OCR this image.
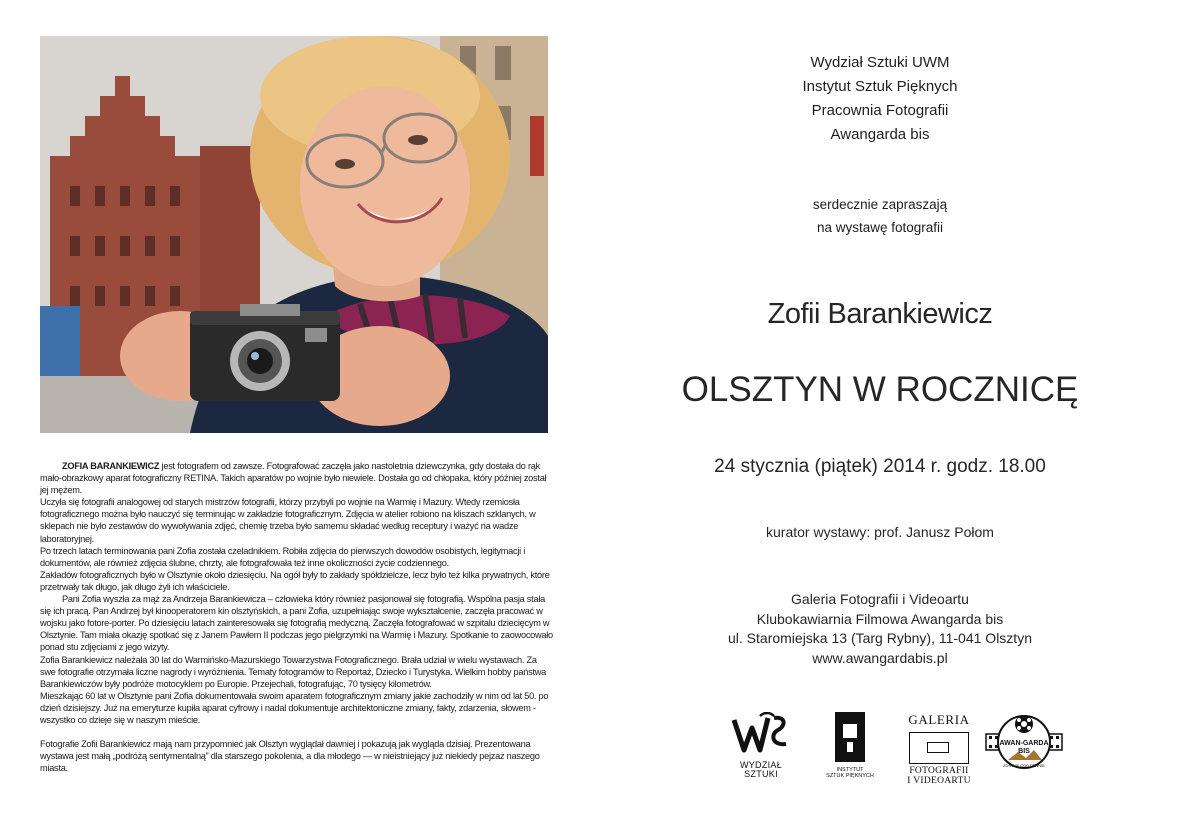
ZOFIA BARANKIEWICZ jest fotografem od zawsze. Fotografować zaczęła jako nastoletnia dziewczynka, gdy dostała do rąk mało-obrazkowy aparat fotograficzny RETINA. Takich aparatów po wojnie było niewiele. Dostała go od chłopaka, który później został jej mężem.

Uczyła się fotografii analogowej od starych mistrzów fotografii, którzy przybyli po wojnie na Warmię i Mazury. Wtedy rzemiosła fotograficznego można było nauczyć się terminując w zakładzie fotograficznym. Zdjęcia w atelier robiono na kliszach szklanych, w sklepach nie było zestawów do wywoływania zdjęć, chemię trzeba było samemu składać według receptury i ważyć na wadze laboratoryjnej.

Po trzech latach terminowania pani Zofia została czeladnikiem. Robiła zdjęcia do pierwszych dowodów osobistych, legitymacji i dokumentów, ale również zdjęcia ślubne, chrzty, ale fotografowała też inne okoliczności życie codziennego.

Zakładów fotograficznych było w Olsztynie około dziesięciu. Na ogół były to zakłady spółdzielcze, lecz było też kilka prywatnych, które przetrwały tak długo, jak długo żyli ich właściciele.

Pani Zofia wyszła za mąż za Andrzeja Barankiewicza – człowieka który również pasjonował się fotografią. Wspólna pasja stała się ich pracą. Pan Andrzej był kinooperatorem kin olsztyńskich, a pani Zofia, uzupełniając swoje wykształcenie, zaczęła pracować w wojsku jako fotore-porter. Po dziesięciu latach zainteresowała się fotografią medyczną. Zaczęła fotografować w szpitalu dziecięcym w Olsztynie. Tam miała okazję spotkać się z Janem Pawłem II podczas jego pielgrzymki na Warmię i Mazury. Spotkanie to zaowocowało ponad stu zdjęciami z jego wizyty.

Zofia Barankiewicz należała 30 lat do Warmińsko-Mazurskiego Towarzystwa Fotograficznego. Brała udział w wielu wystawach. Za swe fotografie otrzymała liczne nagrody i wyróżnienia. Tematy fotogramów to Reportaż, Dziecko i Turystyka. Wielkim hobby państwa Barankiewiczów były podróże motocyklem po Europie. Przejechali, fotografując, 70 tysięcy kilometrów.

Mieszkając 60 lat w Olsztynie pani Zofia dokumentowała swoim aparatem fotograficznym zmiany jakie zachodziły w nim od lat 50. po dzień dzisiejszy. Już na emeryturze kupiła aparat cyfrowy i nadal dokumentuje architektoniczne zmiany, fakty, zdarzenia, słowem - wszystko co dzieje się w naszym mieście.

Fotografie Zofii Barankiewicz mają nam przypomnieć jak Olsztyn wyglądał dawniej i pokazują jak wygląda dzisiaj. Prezentowana wystawa jest małą „podróżą sentymentalną” dla starszego pokolenia, a dla młodego — w nieistniejący już niekiedy pejzaż naszego miasta.

Wydział Sztuki UWM
Instytut Sztuk Pięknych
Pracownia Fotografii
Awangarda bis
serdecznie zapraszają
na wystawę fotografii
Zofii Barankiewicz
OLSZTYN W ROCZNICĘ
24 stycznia (piątek) 2014 r. godz. 18.00
kurator wystawy: prof. Janusz Połom
Galeria Fotografii i Videoartu
Klubokawiarnia Filmowa Awangarda bis
ul. Staromiejska 13 (Targ Rybny), 11-041 Olsztyn
www.awangardabis.pl
WYDZIAŁ
SZTUKI	INSTYTUT
SZTUK PIĘKNYCH
GALERIA
FOTOGRAFII
I VIDEOARTU
AWAN-GARDA
BIS
ZDROJE CODZIENNIE
